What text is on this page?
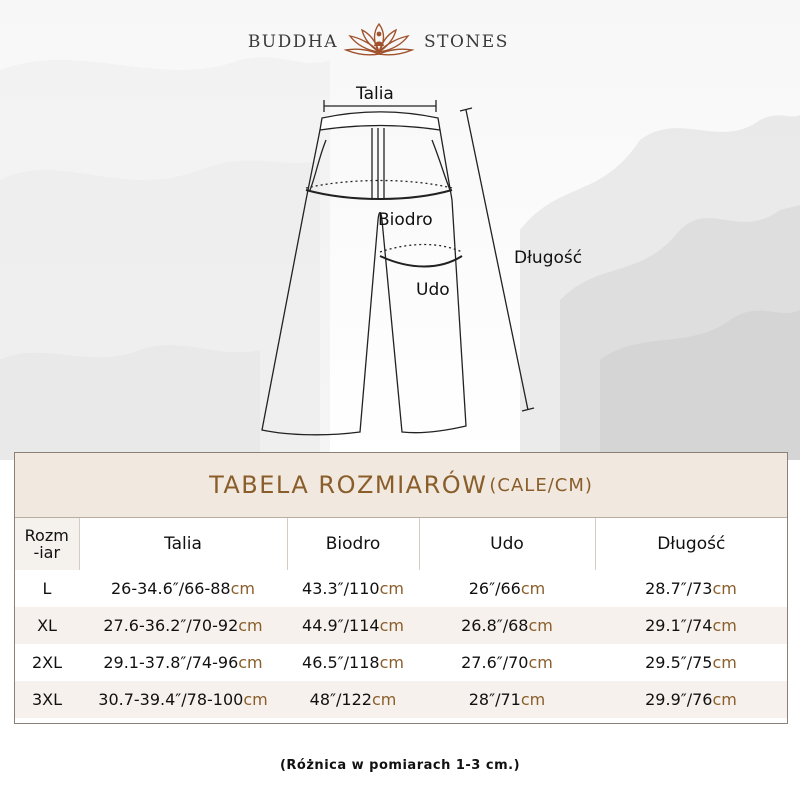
BUDDHA	STONES
Talia
Biodro
Udo
Długość
TABELA ROZMIARÓW (CALE/CM)
Rozm
-iar	Talia	Biodro	Udo	Długość
L	26-34.6″/66-88cm	43.3″/110cm	26″/66cm	28.7″/73cm
XL	27.6-36.2″/70-92cm	44.9″/114cm	26.8″/68cm	29.1″/74cm
2XL	29.1-37.8″/74-96cm	46.5″/118cm	27.6″/70cm	29.5″/75cm
3XL	30.7-39.4″/78-100cm	48″/122cm	28″/71cm	29.9″/76cm
(Różnica w pomiarach 1-3 cm.)
